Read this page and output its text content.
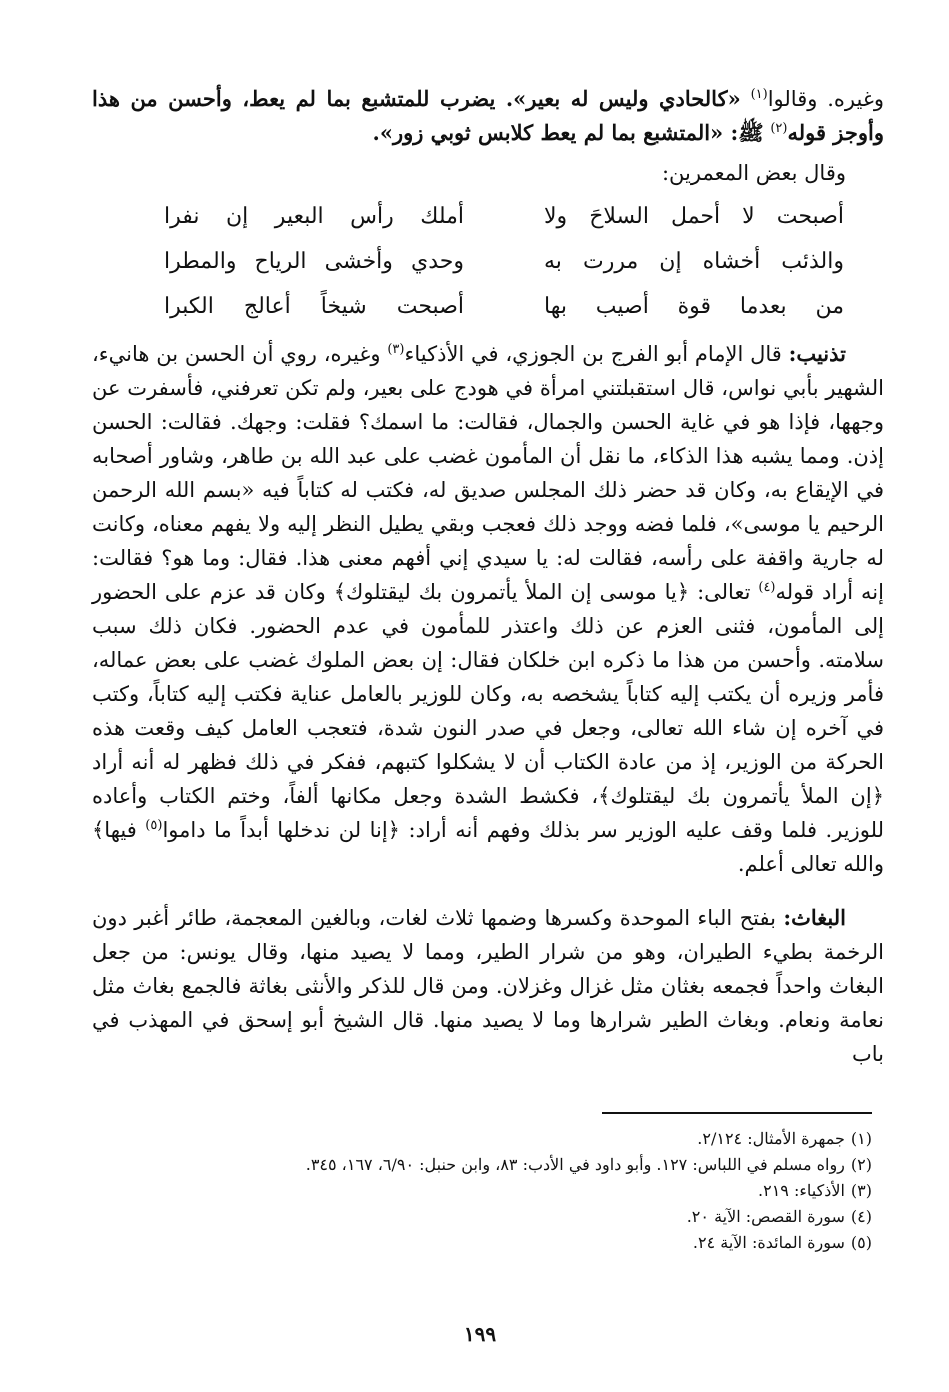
وغيره. وقالوا$^{(١)}$ «كالحادي وليس له بعير». يضرب للمتشبع بما لم يعط، وأحسن من هذا وأوجز قوله$^{(٢)}$ ﷺ: «المتشبع بما لم يعط كلابس ثوبي زور».

وقال بعض المعمرين:

أصبحت لا أحمل السلاحَ ولا
أملك رأس البعير إن نفرا
والذئب أخشاه إن مررت به
وحدي وأخشى الرياح والمطرا
من بعدما قوة أصيب بها
أصبحت شيخاً أعالج الكبرا

تذنيب: قال الإمام أبو الفرج بن الجوزي، في الأذكياء$^{(٣)}$ وغيره، روي أن الحسن بن هانيء، الشهير بأبي نواس، قال استقبلتني امرأة في هودج على بعير، ولم تكن تعرفني، فأسفرت عن وجهها، فإذا هو في غاية الحسن والجمال، فقالت: ما اسمك؟ فقلت: وجهك. فقالت: الحسن إذن. ومما يشبه هذا الذكاء، ما نقل أن المأمون غضب على عبد الله بن طاهر، وشاور أصحابه في الإيقاع به، وكان قد حضر ذلك المجلس صديق له، فكتب له كتاباً فيه «بسم الله الرحمن الرحيم يا موسى»، فلما فضه ووجد ذلك فعجب وبقي يطيل النظر إليه ولا يفهم معناه، وكانت له جارية واقفة على رأسه، فقالت له: يا سيدي إني أفهم معنى هذا. فقال: وما هو؟ فقالت: إنه أراد قوله$^{(٤)}$ تعالى: ﴿يا موسى إن الملأ يأتمرون بك ليقتلوك﴾ وكان قد عزم على الحضور إلى المأمون، فثنى العزم عن ذلك واعتذر للمأمون في عدم الحضور. فكان ذلك سبب سلامته. وأحسن من هذا ما ذكره ابن خلكان فقال: إن بعض الملوك غضب على بعض عماله، فأمر وزيره أن يكتب إليه كتاباً يشخصه به، وكان للوزير بالعامل عناية فكتب إليه كتاباً، وكتب في آخره إن شاء الله تعالى، وجعل في صدر النون شدة، فتعجب العامل كيف وقعت هذه الحركة من الوزير، إذ من عادة الكتاب أن لا يشكلوا كتبهم، ففكر في ذلك فظهر له أنه أراد ﴿إن الملأ يأتمرون بك ليقتلوك﴾، فكشط الشدة وجعل مكانها ألفاً، وختم الكتاب وأعاده للوزير. فلما وقف عليه الوزير سر بذلك وفهم أنه أراد: ﴿إنا لن ندخلها أبداً ما داموا$^{(٥)}$ فيها﴾ والله تعالى أعلم.

البغاث: بفتح الباء الموحدة وكسرها وضمها ثلاث لغات، وبالغين المعجمة، طائر أغبر دون الرخمة بطيء الطيران، وهو من شرار الطير، ومما لا يصيد منها، وقال يونس: من جعل البغاث واحداً فجمعه بغثان مثل غزال وغزلان. ومن قال للذكر والأنثى بغاثة فالجمع بغاث مثل نعامة ونعام. وبغاث الطير شرارها وما لا يصيد منها. قال الشيخ أبو إسحق في المهذب في باب

(١)جمهرة الأمثال: ٢/١٢٤.

(٢)رواه مسلم في اللباس: ١٢٧. وأبو داود في الأدب: ٨٣، وابن حنبل: ٦/٩٠، ١٦٧، ٣٤٥.

(٣)الأذكياء: ٢١٩.

(٤)سورة القصص: الآية ٢٠.

(٥)سورة المائدة: الآية ٢٤.

١٩٩
